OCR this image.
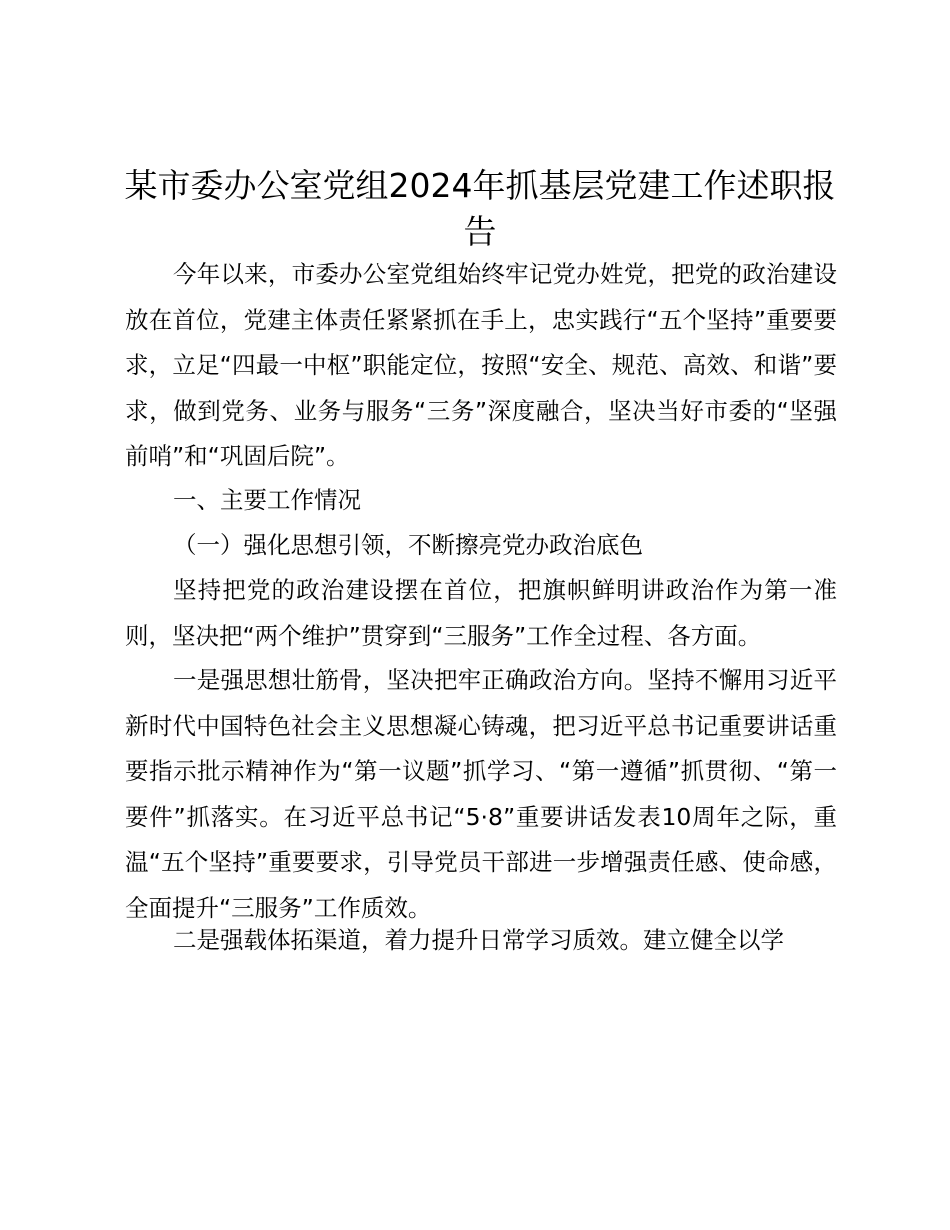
某市委办公室党组2024年抓基层党建工作述职报告

今年以来，市委办公室党组始终牢记党办姓党，把党的政治建设放在首位，党建主体责任紧紧抓在手上，忠实践行“五个坚持”重要要求，立足“四最一中枢”职能定位，按照“安全、规范、高效、和谐”要求，做到党务、业务与服务“三务”深度融合，坚决当好市委的“坚强前哨”和“巩固后院”。

一、主要工作情况

（一）强化思想引领，不断擦亮党办政治底色

坚持把党的政治建设摆在首位，把旗帜鲜明讲政治作为第一准则，坚决把“两个维护”贯穿到“三服务”工作全过程、各方面。

一是强思想壮筋骨，坚决把牢正确政治方向。坚持不懈用习近平新时代中国特色社会主义思想凝心铸魂，把习近平总书记重要讲话重要指示批示精神作为“第一议题”抓学习、“第一遵循”抓贯彻、“第一要件”抓落实。在习近平总书记“5·8”重要讲话发表10周年之际，重温“五个坚持”重要要求，引导党员干部进一步增强责任感、使命感，全面提升“三服务”工作质效。

二是强载体拓渠道，着力提升日常学习质效。建立健全以学
